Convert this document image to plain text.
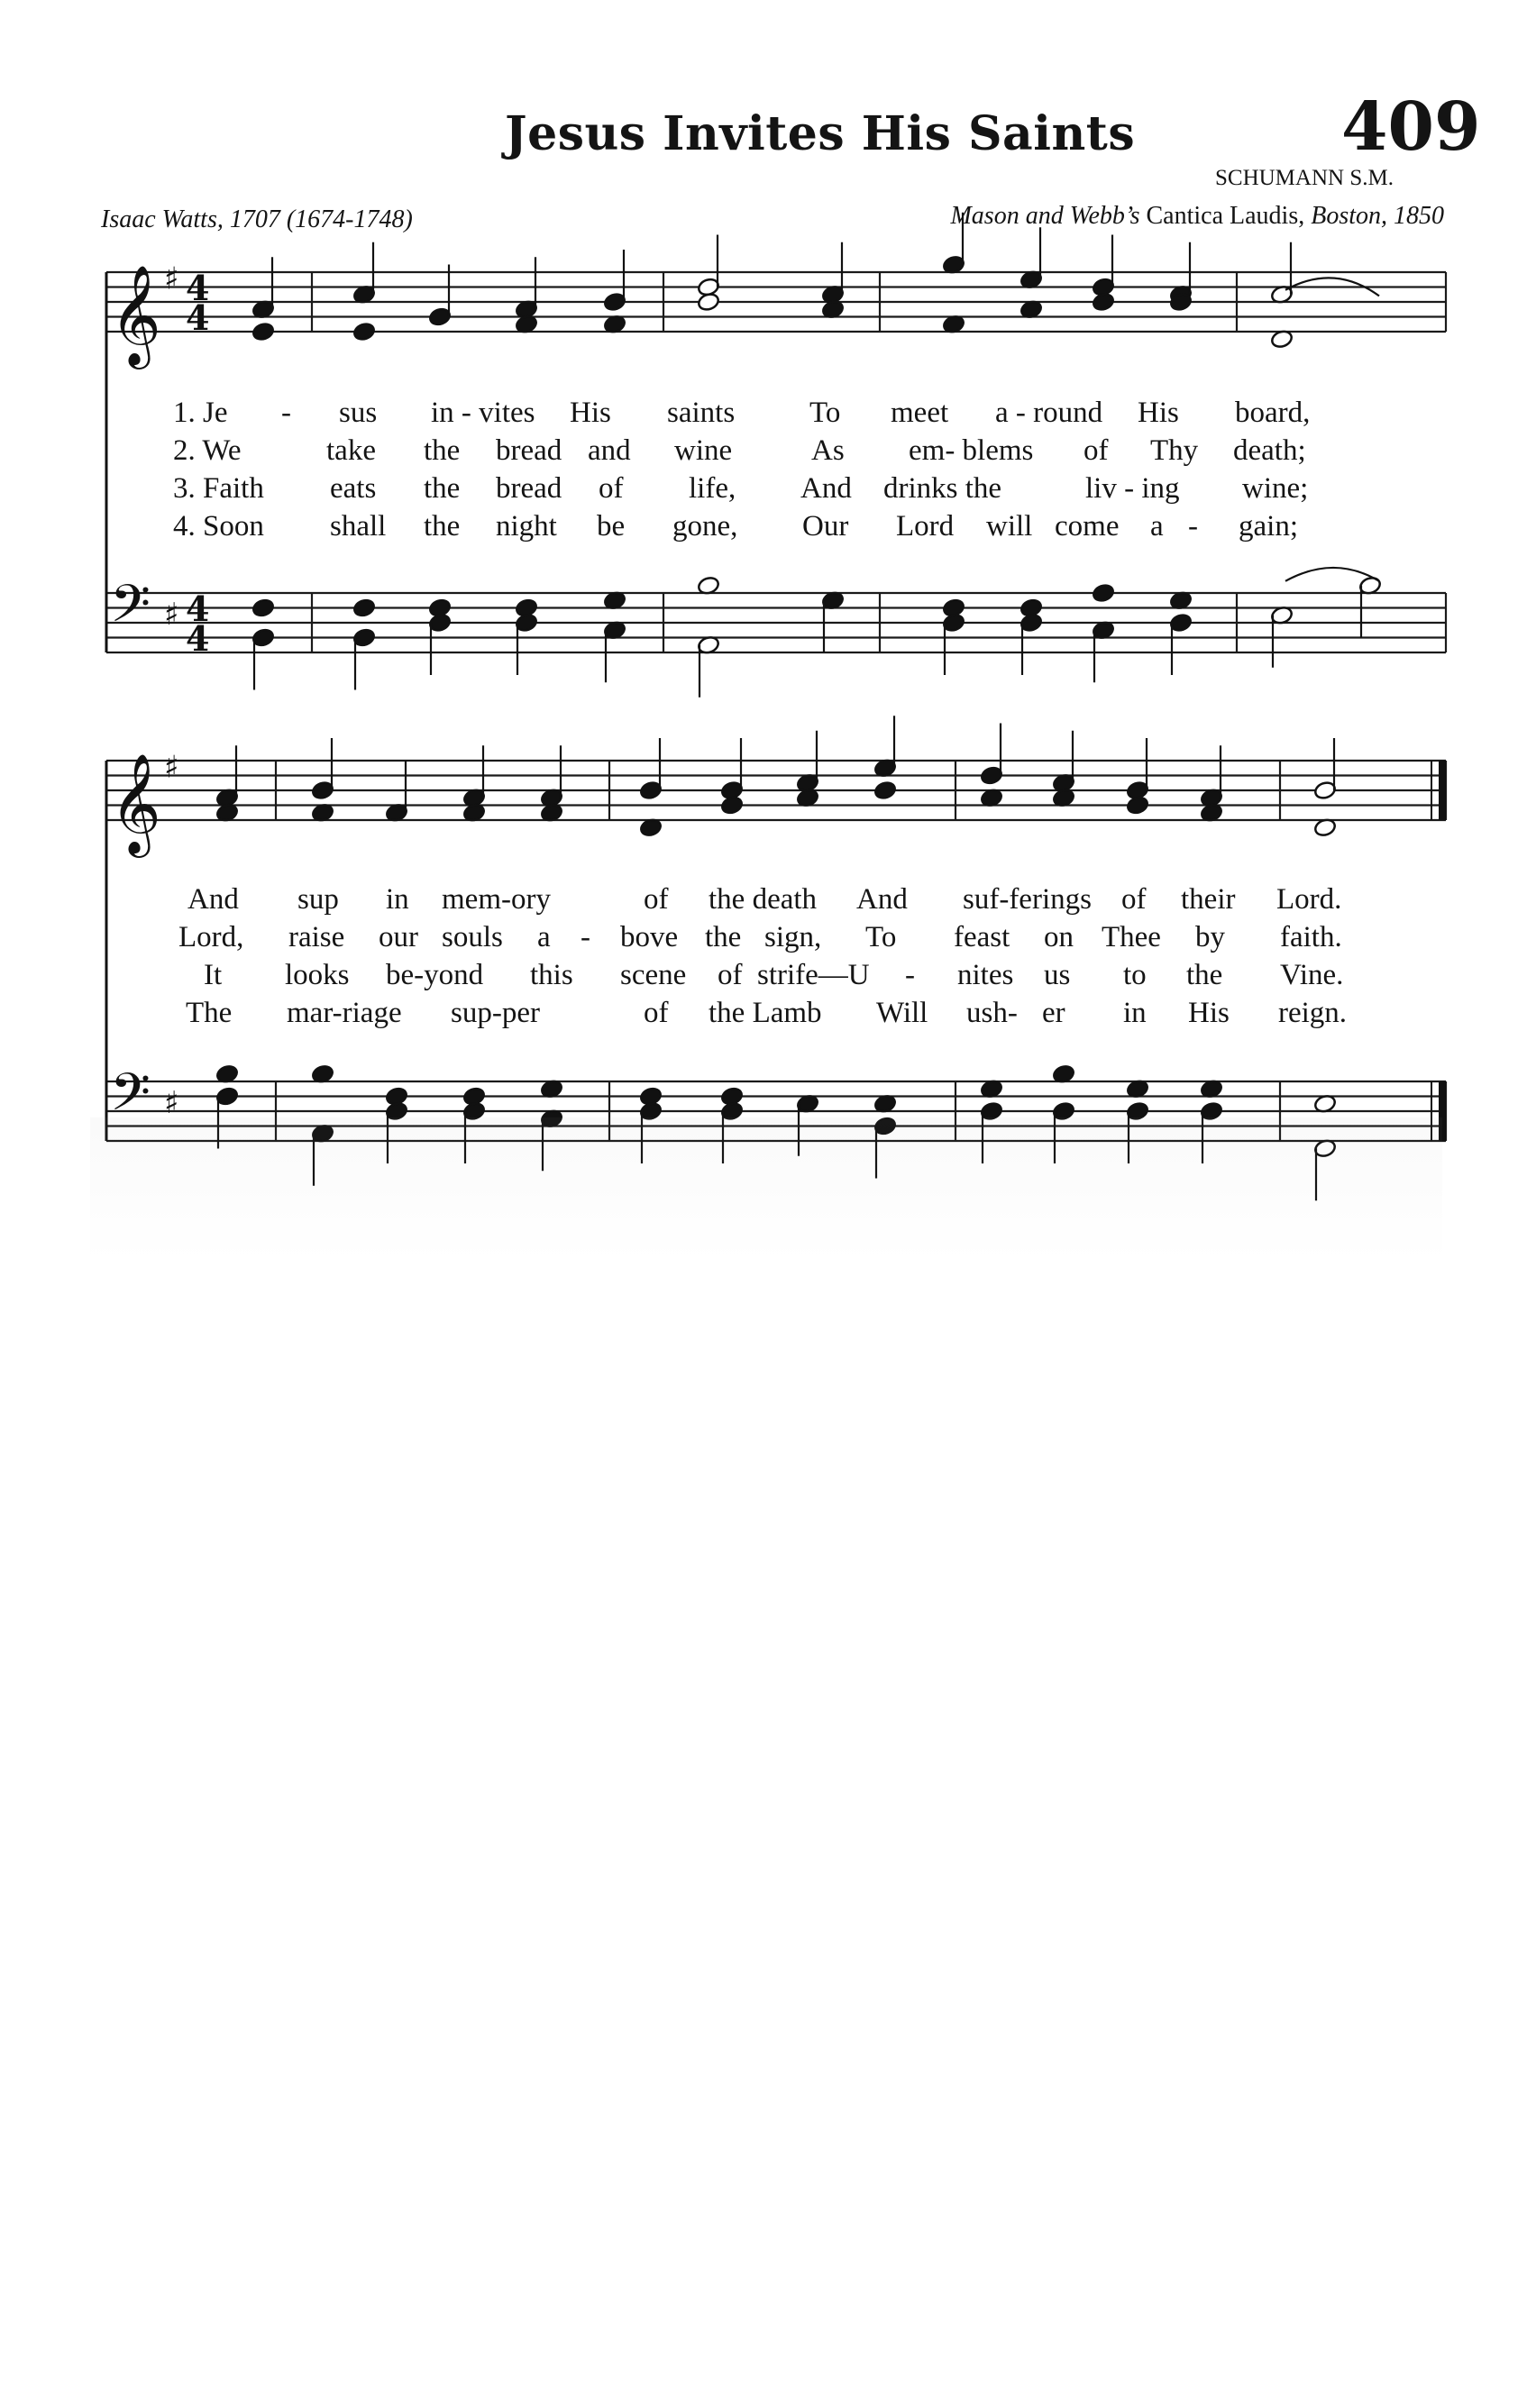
Jesus Invites His Saints	409
SCHUMANN S.M.
Isaac Watts, 1707 (1674-1748)	Mason and Webb’s Cantica Laudis, Boston, 1850
𝄞 ♯
𝄢 ♯
4
4
4
4
𝄞 ♯
𝄢 ♯
1. Je - sus in - vites His saints	To meet a - round His board,
2. We	take the bread and wine	As em- blems of Thy death;
3. Faith eats the bread of life, And drinks the	liv - ing wine;
4. Soon shall the night be gone, Our Lord will come a - gain;
And sup in mem-ory	of the death And suf-ferings of their Lord.
Lord, raise our souls a - bove the sign, To feast on Thee by faith.
It looks be-yond this scene of strife—U - nites us to the Vine.
The mar-riage sup-per	of the Lamb Will ush- er in His reign.
